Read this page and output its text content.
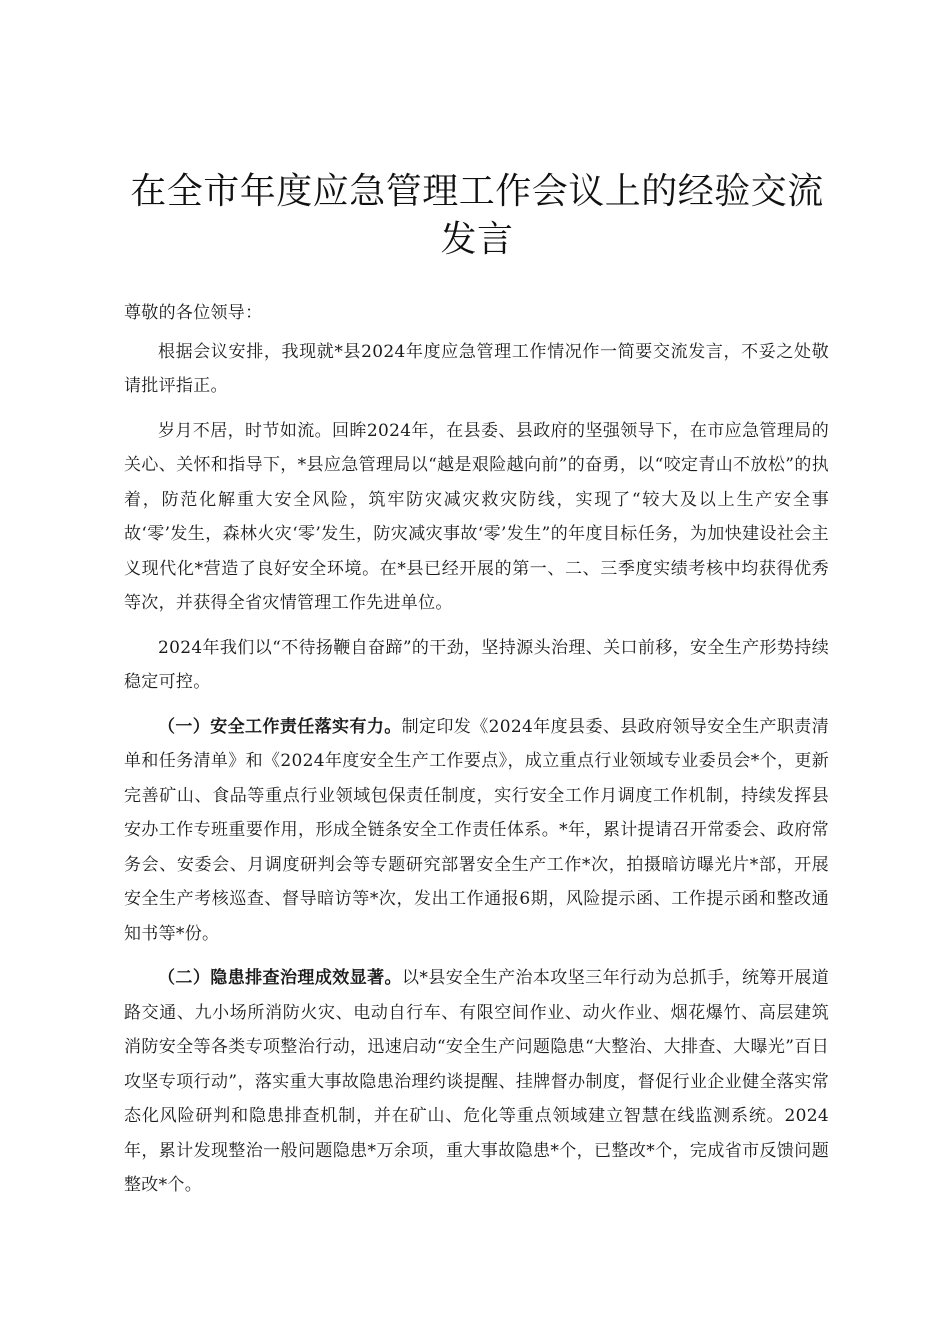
在全市年度应急管理工作会议上的经验交流发言

尊敬的各位领导：

根据会议安排，我现就*县2024年度应急管理工作情况作一简要交流发言，不妥之处敬请批评指正。

岁月不居，时节如流。回眸2024年，在县委、县政府的坚强领导下，在市应急管理局的关心、关怀和指导下，*县应急管理局以“越是艰险越向前”的奋勇，以“咬定青山不放松”的执着，防范化解重大安全风险，筑牢防灾减灾救灾防线，实现了“较大及以上生产安全事故‘零’发生，森林火灾‘零’发生，防灾减灾事故‘零’发生”的年度目标任务，为加快建设社会主义现代化*营造了良好安全环境。在*县已经开展的第一、二、三季度实绩考核中均获得优秀等次，并获得全省灾情管理工作先进单位。

2024年我们以“不待扬鞭自奋蹄”的干劲，坚持源头治理、关口前移，安全生产形势持续稳定可控。

（一）安全工作责任落实有力。制定印发《2024年度县委、县政府领导安全生产职责清单和任务清单》和《2024年度安全生产工作要点》，成立重点行业领域专业委员会*个，更新完善矿山、食品等重点行业领域包保责任制度，实行安全工作月调度工作机制，持续发挥县安办工作专班重要作用，形成全链条安全工作责任体系。*年，累计提请召开常委会、政府常务会、安委会、月调度研判会等专题研究部署安全生产工作*次，拍摄暗访曝光片*部，开展安全生产考核巡查、督导暗访等*次，发出工作通报6期，风险提示函、工作提示函和整改通知书等*份。

（二）隐患排查治理成效显著。以*县安全生产治本攻坚三年行动为总抓手，统筹开展道路交通、九小场所消防火灾、电动自行车、有限空间作业、动火作业、烟花爆竹、高层建筑消防安全等各类专项整治行动，迅速启动“安全生产问题隐患“大整治、大排查、大曝光”百日攻坚专项行动”，落实重大事故隐患治理约谈提醒、挂牌督办制度，督促行业企业健全落实常态化风险研判和隐患排查机制，并在矿山、危化等重点领域建立智慧在线监测系统。2024年，累计发现整治一般问题隐患*万余项，重大事故隐患*个，已整改*个，完成省市反馈问题整改*个。
